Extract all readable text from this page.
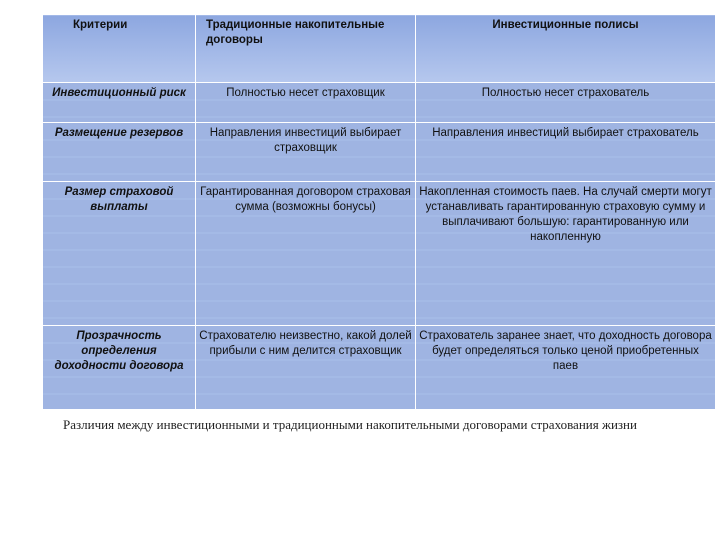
Критерии	Традиционные накопительные договоры	Инвестиционные полисы
Инвестиционный риск	Полностью несет страховщик	Полностью несет страхователь
Размещение резервов	Направления инвестиций выбирает страховщик	Направления инвестиций выбирает страхователь
Размер страховой выплаты	Гарантированная договором страховая сумма (возможны бонусы)	Накопленная стоимость паев. На случай смерти могут устанавливать гарантированную страховую сумму и выплачивают большую: гарантированную или накопленную
Прозрачность определения доходности договора	Страхователю неизвестно, какой долей прибыли с ним делится страховщик	Страхователь заранее знает, что доходность договора будет определяться только ценой приобретенных паев
Различия между инвестиционными и традиционными накопительными договорами страхования жизни
